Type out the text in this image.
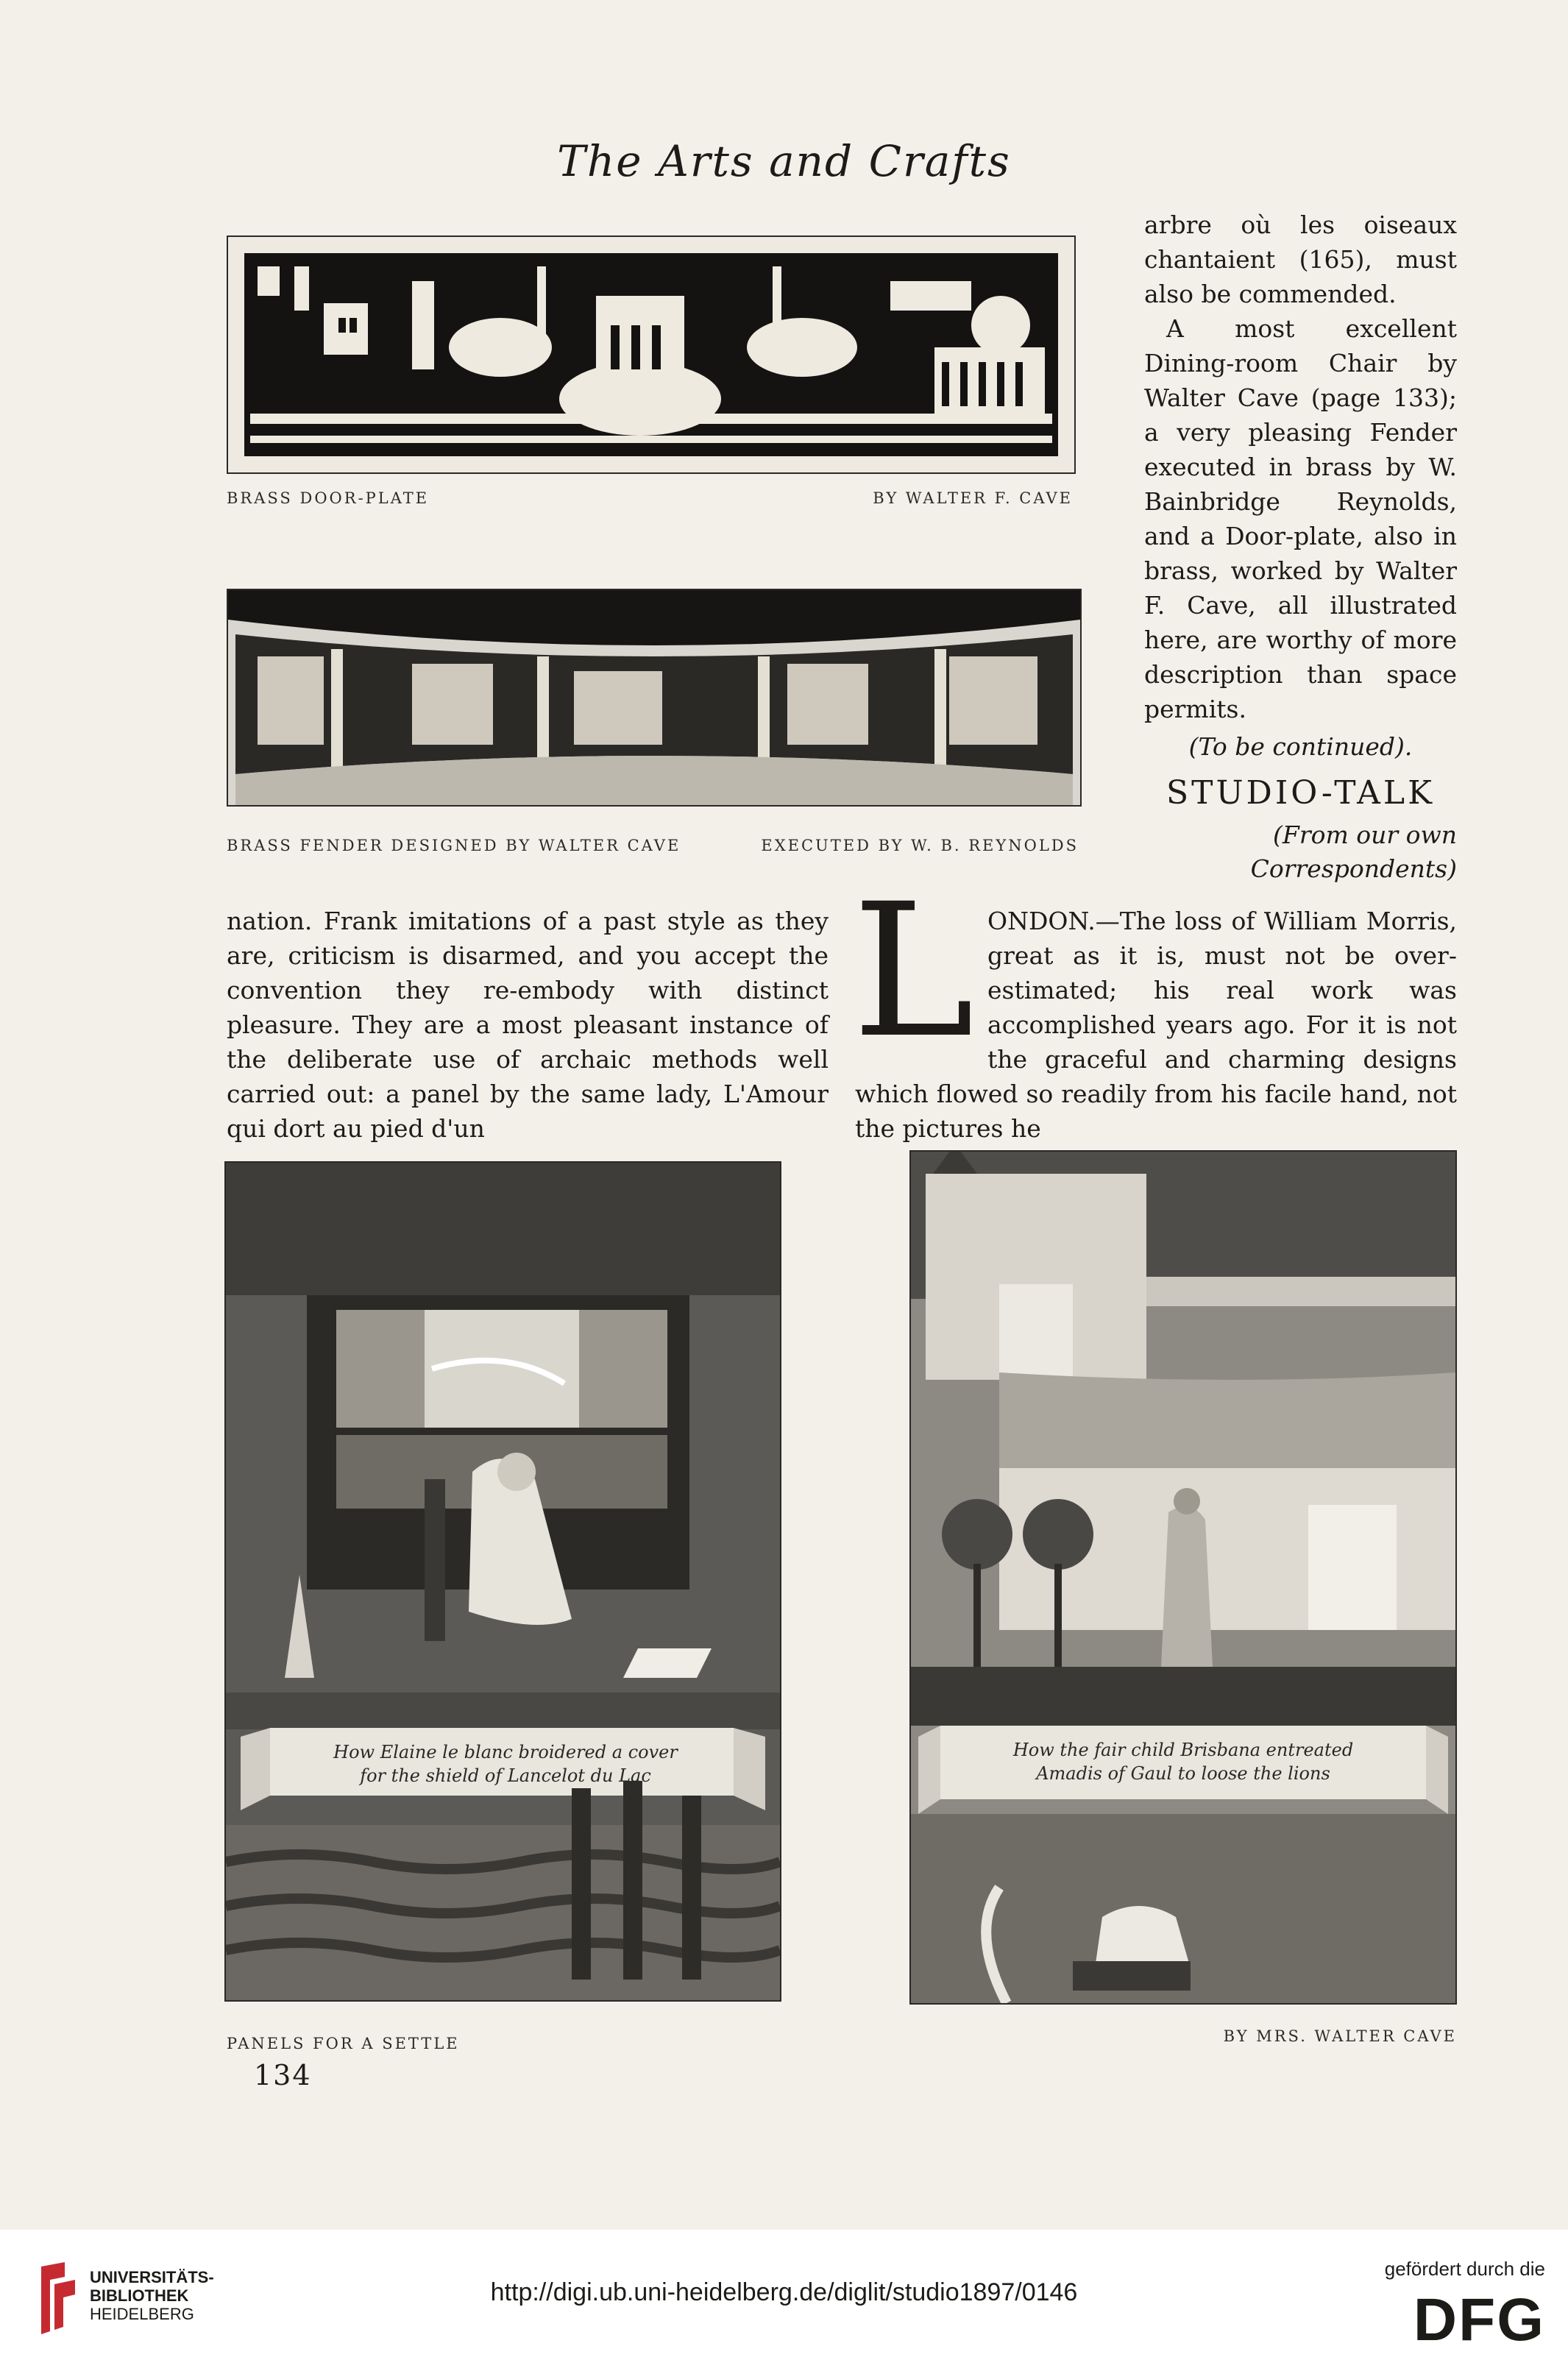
The Arts and Crafts
BRASS DOOR-PLATE	BY WALTER F. CAVE
BRASS FENDER DESIGNED BY WALTER CAVE	EXECUTED BY W. B. REYNOLDS

arbre où les oiseaux chantaient (165), must also be commended.

A most excellent Dining-room Chair by Walter Cave (page 133); a very pleasing Fender executed in brass by W. Bainbridge Reynolds, and a Door-plate, also in brass, worked by Walter F. Cave, all illustrated here, are worthy of more description than space permits.

(To be continued).

STUDIO-TALK
(From our own Correspondents)

nation. Frank imitations of a past style as they are, criticism is disarmed, and you accept the convention they re-embody with distinct pleasure. They are a most pleasant instance of the deliberate use of archaic methods well carried out: a panel by the same lady, L'Amour qui dort au pied d'un

L ONDON.—The loss of William Morris, great as it is, must not be over-estimated; his real work was accomplished years ago. For it is not the graceful and charming designs which flowed so readily from his facile hand, not the pictures he

How Elaine le blanc broidered a cover
for the shield of Lancelot du Lac
How the fair child Brisbana entreated
Amadis of Gaul to loose the lions
PANELS FOR A SETTLE	BY MRS. WALTER CAVE
134
UNIVERSITÄTS-
BIBLIOTHEK
HEIDELBERG
http://digi.ub.uni-heidelberg.de/diglit/studio1897/0146
gefördert durch die
DFG
